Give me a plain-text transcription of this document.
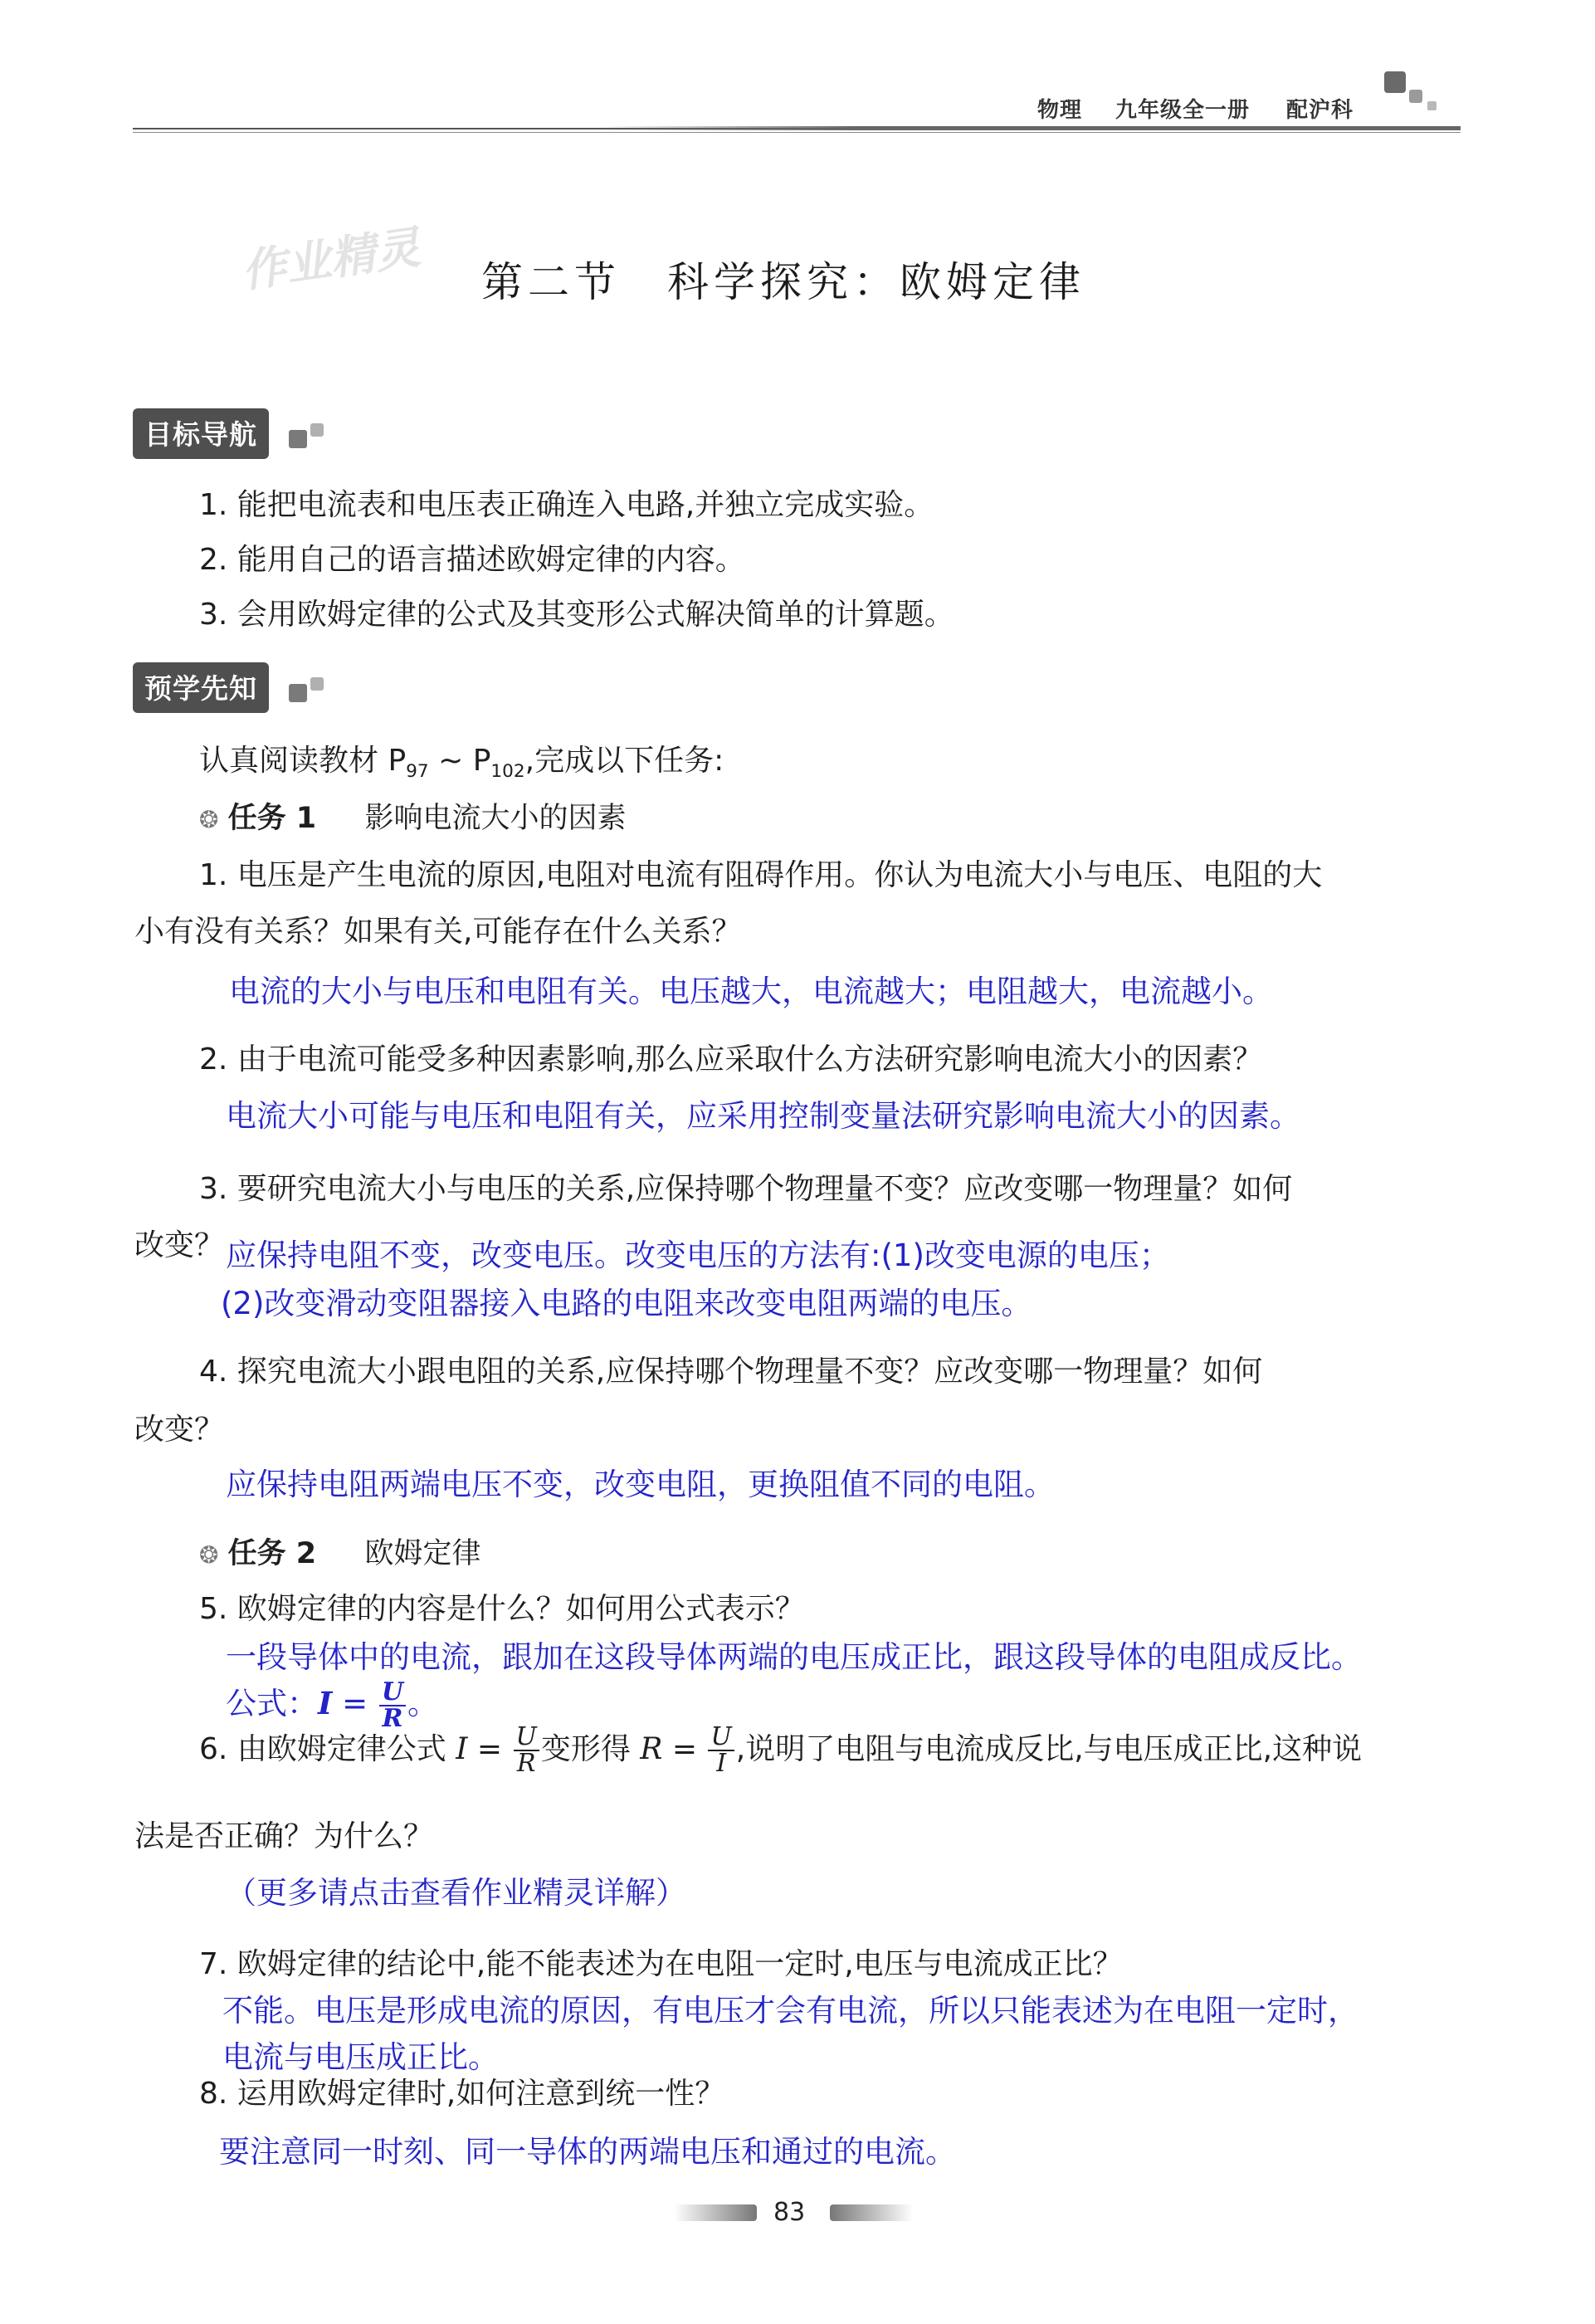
物理 九年级全一册 配沪科
作业精灵 第二节　科学探究：欧姆定律
目标导航
1. 能把电流表和电压表正确连入电路,并独立完成实验。
2. 能用自己的语言描述欧姆定律的内容。
3. 会用欧姆定律的公式及其变形公式解决简单的计算题。
预学先知
认真阅读教材 $P_{97}$ ~ $P_{102}$,完成以下任务:
❂ 任务 1 影响电流大小的因素
1. 电压是产生电流的原因,电阻对电流有阻碍作用。你认为电流大小与电压、电阻的大
小有没有关系？如果有关,可能存在什么关系？
电流的大小与电压和电阻有关。电压越大，电流越大；电阻越大，电流越小。
2. 由于电流可能受多种因素影响,那么应采取什么方法研究影响电流大小的因素？
电流大小可能与电压和电阻有关，应采用控制变量法研究影响电流大小的因素。
3. 要研究电流大小与电压的关系,应保持哪个物理量不变？应改变哪一物理量？如何
改变？ 应保持电阻不变，改变电压。改变电压的方法有:(1)改变电源的电压；
(2)改变滑动变阻器接入电路的电阻来改变电阻两端的电压。
4. 探究电流大小跟电阻的关系,应保持哪个物理量不变？应改变哪一物理量？如何
改变？
应保持电阻两端电压不变，改变电阻，更换阻值不同的电阻。
❂ 任务 2 欧姆定律
5. 欧姆定律的内容是什么？如何用公式表示？
一段导体中的电流，跟加在这段导体两端的电压成正比，跟这段导体的电阻成反比。
公式：$I = \frac{U}{R}$ 。
6. 由欧姆定律公式 $I = \frac{U}{R}$ 变形得 $R = \frac{U}{I}$ ,说明了电阻与电流成反比,与电压成正比,这种说
法是否正确？为什么？
（更多请点击查看作业精灵详解）
7. 欧姆定律的结论中,能不能表述为在电阻一定时,电压与电流成正比？
不能。电压是形成电流的原因，有电压才会有电流，所以只能表述为在电阻一定时，
电流与电压成正比。
8. 运用欧姆定律时,如何注意到统一性？
要注意同一时刻、同一导体的两端电压和通过的电流。
83
